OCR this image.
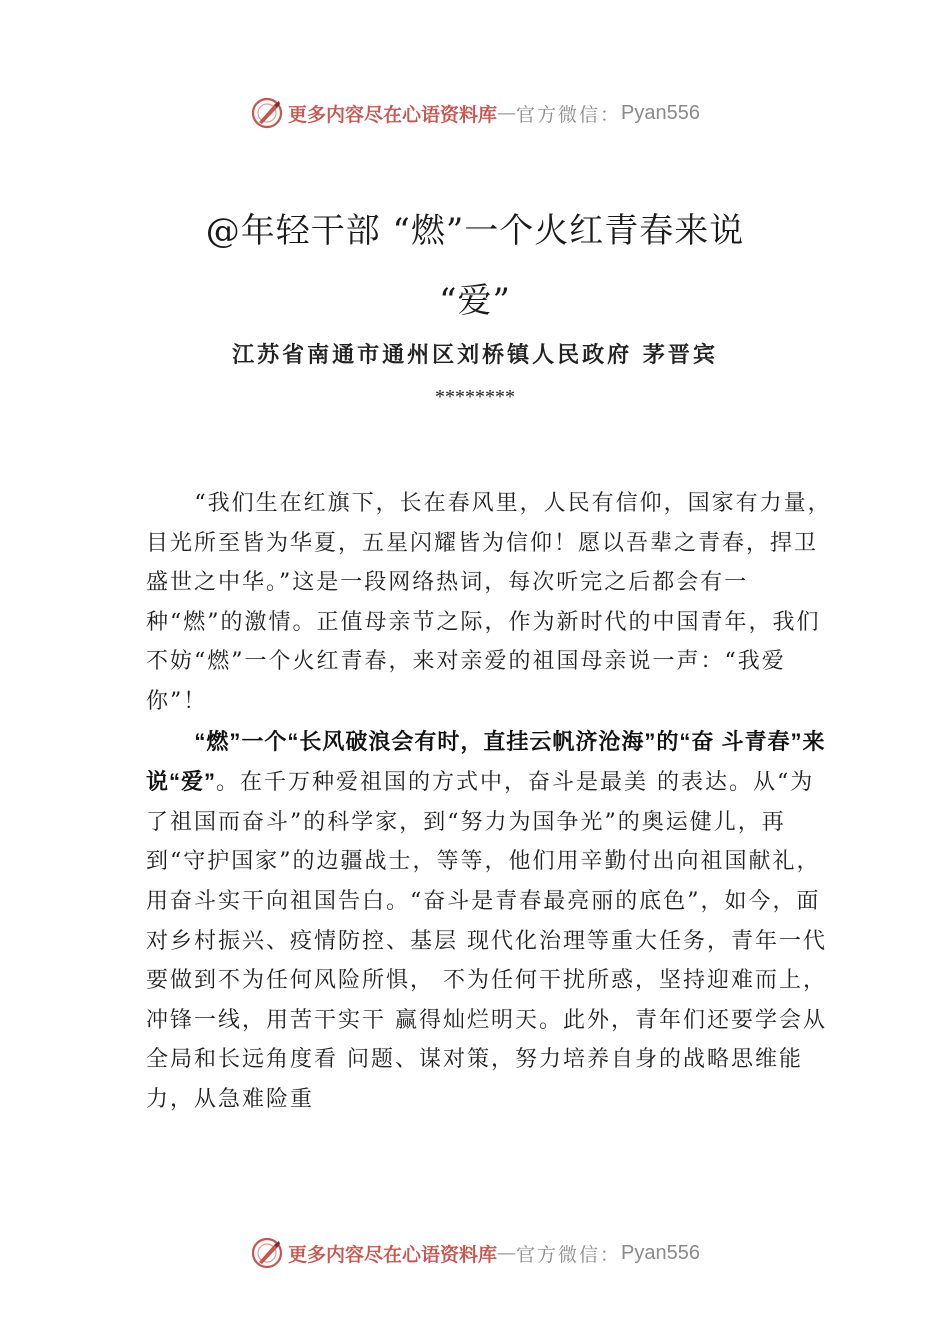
更多内容尽在心语资料库 — 官方微信： Pyan556
@年轻干部 “燃”一个火红青春来说
“爱”
江苏省南通市通州区刘桥镇人民政府 茅晋宾
********

“我们生在红旗下，长在春风里，人民有信仰，国家有力量，目光所至皆为华夏，五星闪耀皆为信仰！愿以吾辈之青春，捍卫盛世之中华。”这是一段网络热词，每次听完之后都会有一种“燃”的激情。正值母亲节之际，作为新时代的中国青年，我们不妨“燃”一个火红青春，来对亲爱的祖国母亲说一声：“我爱你”！

“燃”一个“长风破浪会有时，直挂云帆济沧海”的“奋 斗青春”来说“爱”。在千万种爱祖国的方式中，奋斗是最美 的表达。从“为了祖国而奋斗”的科学家，到“努力为国争光”的奥运健儿，再到“守护国家”的边疆战士，等等，他们用辛勤付出向祖国献礼，用奋斗实干向祖国告白。“奋斗是青春最亮丽的底色”，如今，面对乡村振兴、疫情防控、基层 现代化治理等重大任务，青年一代要做到不为任何风险所惧， 不为任何干扰所惑，坚持迎难而上，冲锋一线，用苦干实干 赢得灿烂明天。此外，青年们还要学会从全局和长远角度看 问题、谋对策，努力培养自身的战略思维能力，从急难险重

更多内容尽在心语资料库 — 官方微信： Pyan556
